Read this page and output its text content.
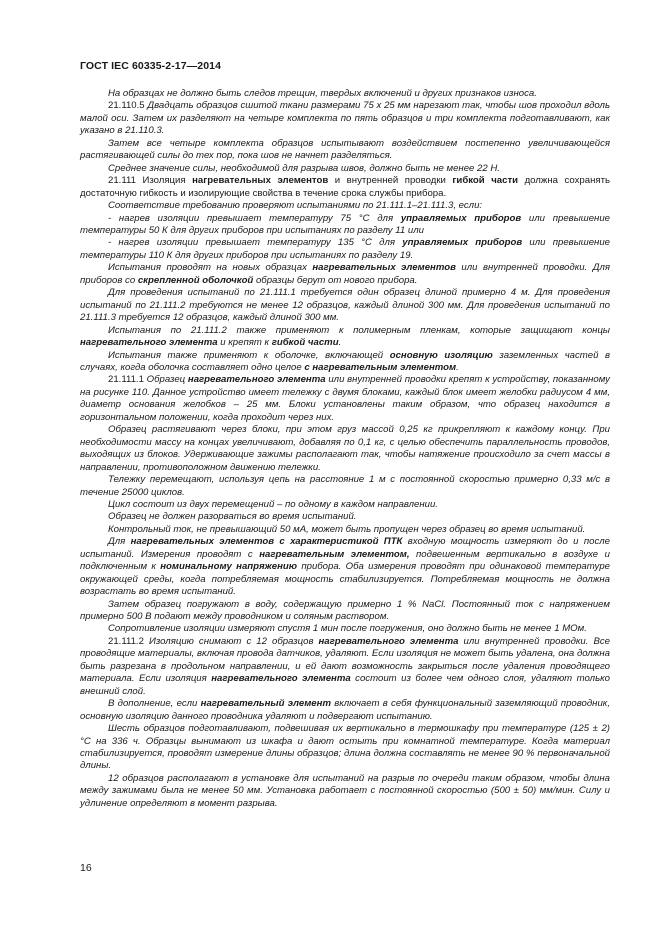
ГОСТ IEC 60335-2-17—2014

На образцах не должно быть следов трещин, твердых включений и других признаков износа.

21.110.5 Двадцать образцов сшитой ткани размерами 75 х 25 мм нарезают так, чтобы шов проходил вдоль малой оси. Затем их разделяют на четыре комплекта по пять образцов и три комплекта подготавливают, как указано в 21.110.3.

Затем все четыре комплекта образцов испытывают воздействием постепенно увеличивающейся растягивающей силы до тех пор, пока шов не начнет разделяться.

Среднее значение силы, необходимой для разрыва швов, должно быть не менее 22 Н.

21.111 Изоляция нагревательных элементов и внутренней проводки гибкой части должна сохранять достаточную гибкость и изолирующие свойства в течение срока службы прибора.

Соответствие требованию проверяют испытаниями по 21.111.1–21.111.3, если:

- нагрев изоляции превышает температуру 75 °С для управляемых приборов или превышение температуры 50 К для других приборов при испытаниях по разделу 11 или

- нагрев изоляции превышает температуру 135 °С для управляемых приборов или превышение температуры 110 К для других приборов при испытаниях по разделу 19.

Испытания проводят на новых образцах нагревательных элементов или внутренней проводки. Для приборов со скрепленной оболочкой образцы берут от нового прибора.

Для проведения испытаний по 21.111.1 требуется один образец длиной примерно 4 м. Для проведения испытаний по 21.111.2 требуются не менее 12 образцов, каждый длиной 300 мм. Для проведения испытаний по 21.111.3 требуется 12 образцов, каждый длиной 300 мм.

Испытания по 21.111.2 также применяют к полимерным пленкам, которые защищают концы нагревательного элемента и крепят к гибкой части.

Испытания также применяют к оболочке, включающей основную изоляцию заземленных частей в случаях, когда оболочка составляет одно целое с нагревательным элементом.

21.111.1 Образец нагревательного элемента или внутренней проводки крепят к устройству, показанному на рисунке 110. Данное устройство имеет тележку с двумя блоками, каждый блок имеет желобки радиусом 4 мм, диаметр основания желобков – 25 мм. Блоки установлены таким образом, что образец находится в горизонтальном положении, когда проходит через них.

Образец растягивают через блоки, при этом груз массой 0,25 кг прикрепляют к каждому концу. При необходимости массу на концах увеличивают, добавляя по 0,1 кг, с целью обеспечить параллельность проводов, выходящих из блоков. Удерживающие зажимы располагают так, чтобы натяжение происходило за счет массы в направлении, противоположном движению тележки.

Тележку перемещают, используя цепь на расстояние 1 м с постоянной скоростью примерно 0,33 м/с в течение 25000 циклов.

Цикл состоит из двух перемещений – по одному в каждом направлении.

Образец не должен разорваться во время испытаний.

Контрольный ток, не превышающий 50 мА, может быть пропущен через образец во время испытаний.

Для нагревательных элементов с характеристикой ПТК входную мощность измеряют до и после испытаний. Измерения проводят с нагревательным элементом, подвешенным вертикально в воздухе и подключенным к номинальному напряжению прибора. Оба измерения проводят при одинаковой температуре окружающей среды, когда потребляемая мощность стабилизируется. Потребляемая мощность не должна возрастать во время испытаний.

Затем образец погружают в воду, содержащую примерно 1 % NaCl. Постоянный ток с напряжением примерно 500 В подают между проводником и соляным раствором.

Сопротивление изоляции измеряют спустя 1 мин после погружения, оно должно быть не менее 1 МОм.

21.111.2 Изоляцию снимают с 12 образцов нагревательного элемента или внутренней проводки. Все проводящие материалы, включая провода датчиков, удаляют. Если изоляция не может быть удалена, она должна быть разрезана в продольном направлении, и ей дают возможность закрыться после удаления проводящего материала. Если изоляция нагревательного элемента состоит из более чем одного слоя, удаляют только внешний слой.

В дополнение, если нагревательный элемент включает в себя функциональный заземляющий проводник, основную изоляцию данного проводника удаляют и подвергают испытанию.

Шесть образцов подготавливают, подвешивая их вертикально в термошкафу при температуре (125 ± 2) °С на 336 ч. Образцы вынимают из шкафа и дают остыть при комнатной температуре. Когда материал стабилизируется, проводят измерение длины образцов; длина должна составлять не менее 90 % первоначальной длины.

12 образцов располагают в установке для испытаний на разрыв по очереди таким образом, чтобы длина между зажимами была не менее 50 мм. Установка работает с постоянной скоростью (500 ± 50) мм/мин. Силу и удлинение определяют в момент разрыва.

16
